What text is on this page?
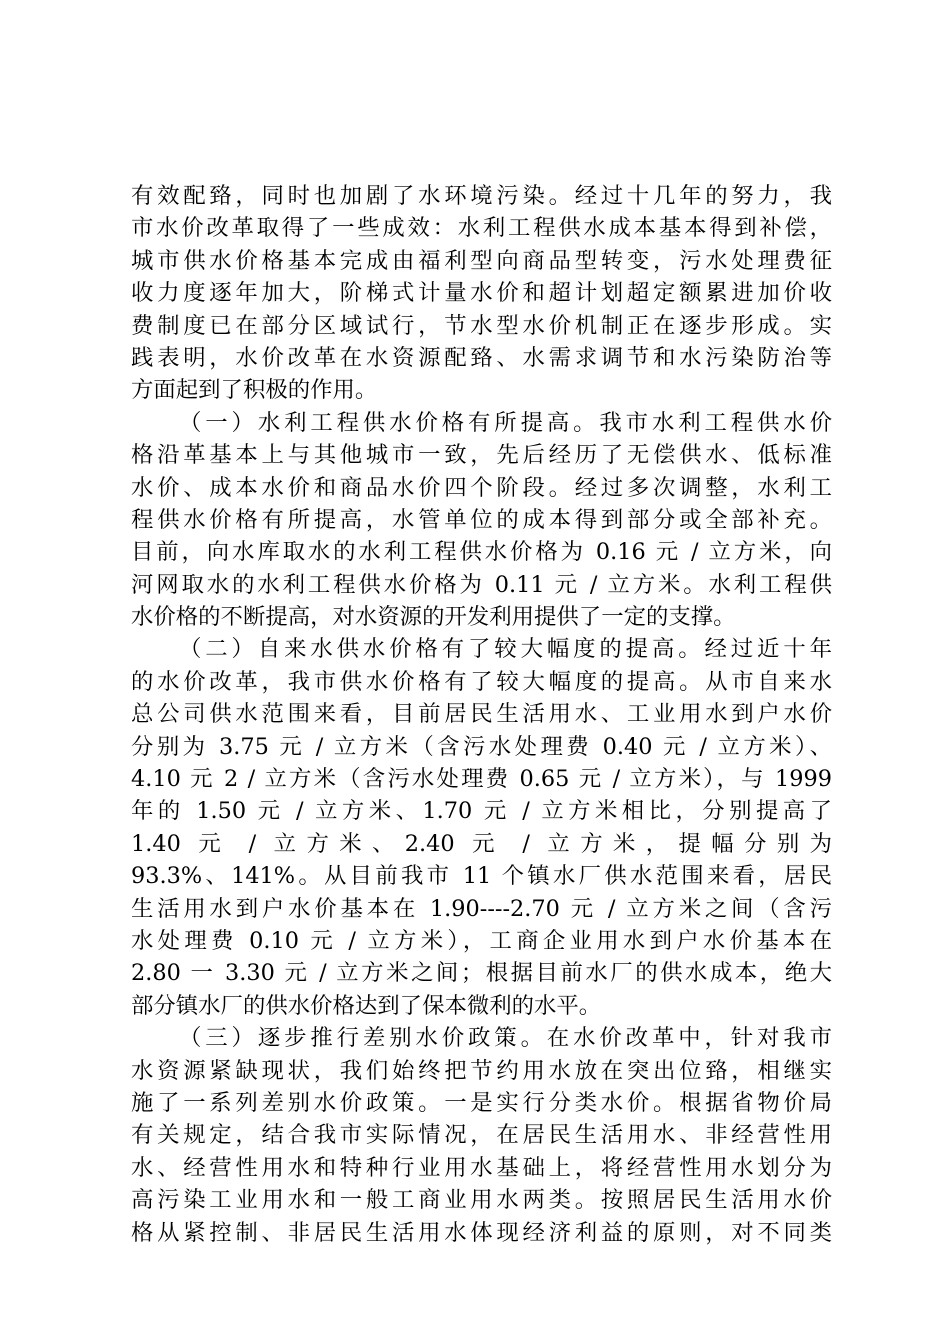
有效配臵，同时也加剧了水环境污染。经过十几年的努力，我
市水价改革取得了一些成效：水利工程供水成本基本得到补偿，
城市供水价格基本完成由福利型向商品型转变，污水处理费征
收力度逐年加大，阶梯式计量水价和超计划超定额累进加价收
费制度已在部分区域试行，节水型水价机制正在逐步形成。实
践表明，水价改革在水资源配臵、水需求调节和水污染防治等
方面起到了积极的作用。
（一）水利工程供水价格有所提高。我市水利工程供水价
格沿革基本上与其他城市一致，先后经历了无偿供水、低标准
水价、成本水价和商品水价四个阶段。经过多次调整，水利工
程供水价格有所提高，水管单位的成本得到部分或全部补充。
目前，向水库取水的水利工程供水价格为 0.16 元 / 立方米，向
河网取水的水利工程供水价格为 0.11 元 / 立方米。水利工程供
水价格的不断提高，对水资源的开发利用提供了一定的支撑。
（二）自来水供水价格有了较大幅度的提高。经过近十年
的水价改革，我市供水价格有了较大幅度的提高。从市自来水
总公司供水范围来看，目前居民生活用水、工业用水到户水价
分别为 3.75 元 / 立方米（含污水处理费 0.40 元 / 立方米）、
4.10 元 2 / 立方米（含污水处理费 0.65 元 / 立方米），与 1999
年的 1.50 元 / 立方米、1.70 元 / 立方米相比，分别提高了
1.40 元 / 立方米、2.40 元 / 立方米，提幅分别为
93.3%、141%。从目前我市 11 个镇水厂供水范围来看，居民
生活用水到户水价基本在 1.90----2.70 元 / 立方米之间（含污
水处理费 0.10 元 / 立方米），工商企业用水到户水价基本在
2.80 一 3.30 元 / 立方米之间；根据目前水厂的供水成本，绝大
部分镇水厂的供水价格达到了保本微利的水平。
（三）逐步推行差别水价政策。在水价改革中，针对我市
水资源紧缺现状，我们始终把节约用水放在突出位臵，相继实
施了一系列差别水价政策。一是实行分类水价。根据省物价局
有关规定，结合我市实际情况，在居民生活用水、非经营性用
水、经营性用水和特种行业用水基础上，将经营性用水划分为
高污染工业用水和一般工商业用水两类。按照居民生活用水价
格从紧控制、非居民生活用水体现经济利益的原则，对不同类
